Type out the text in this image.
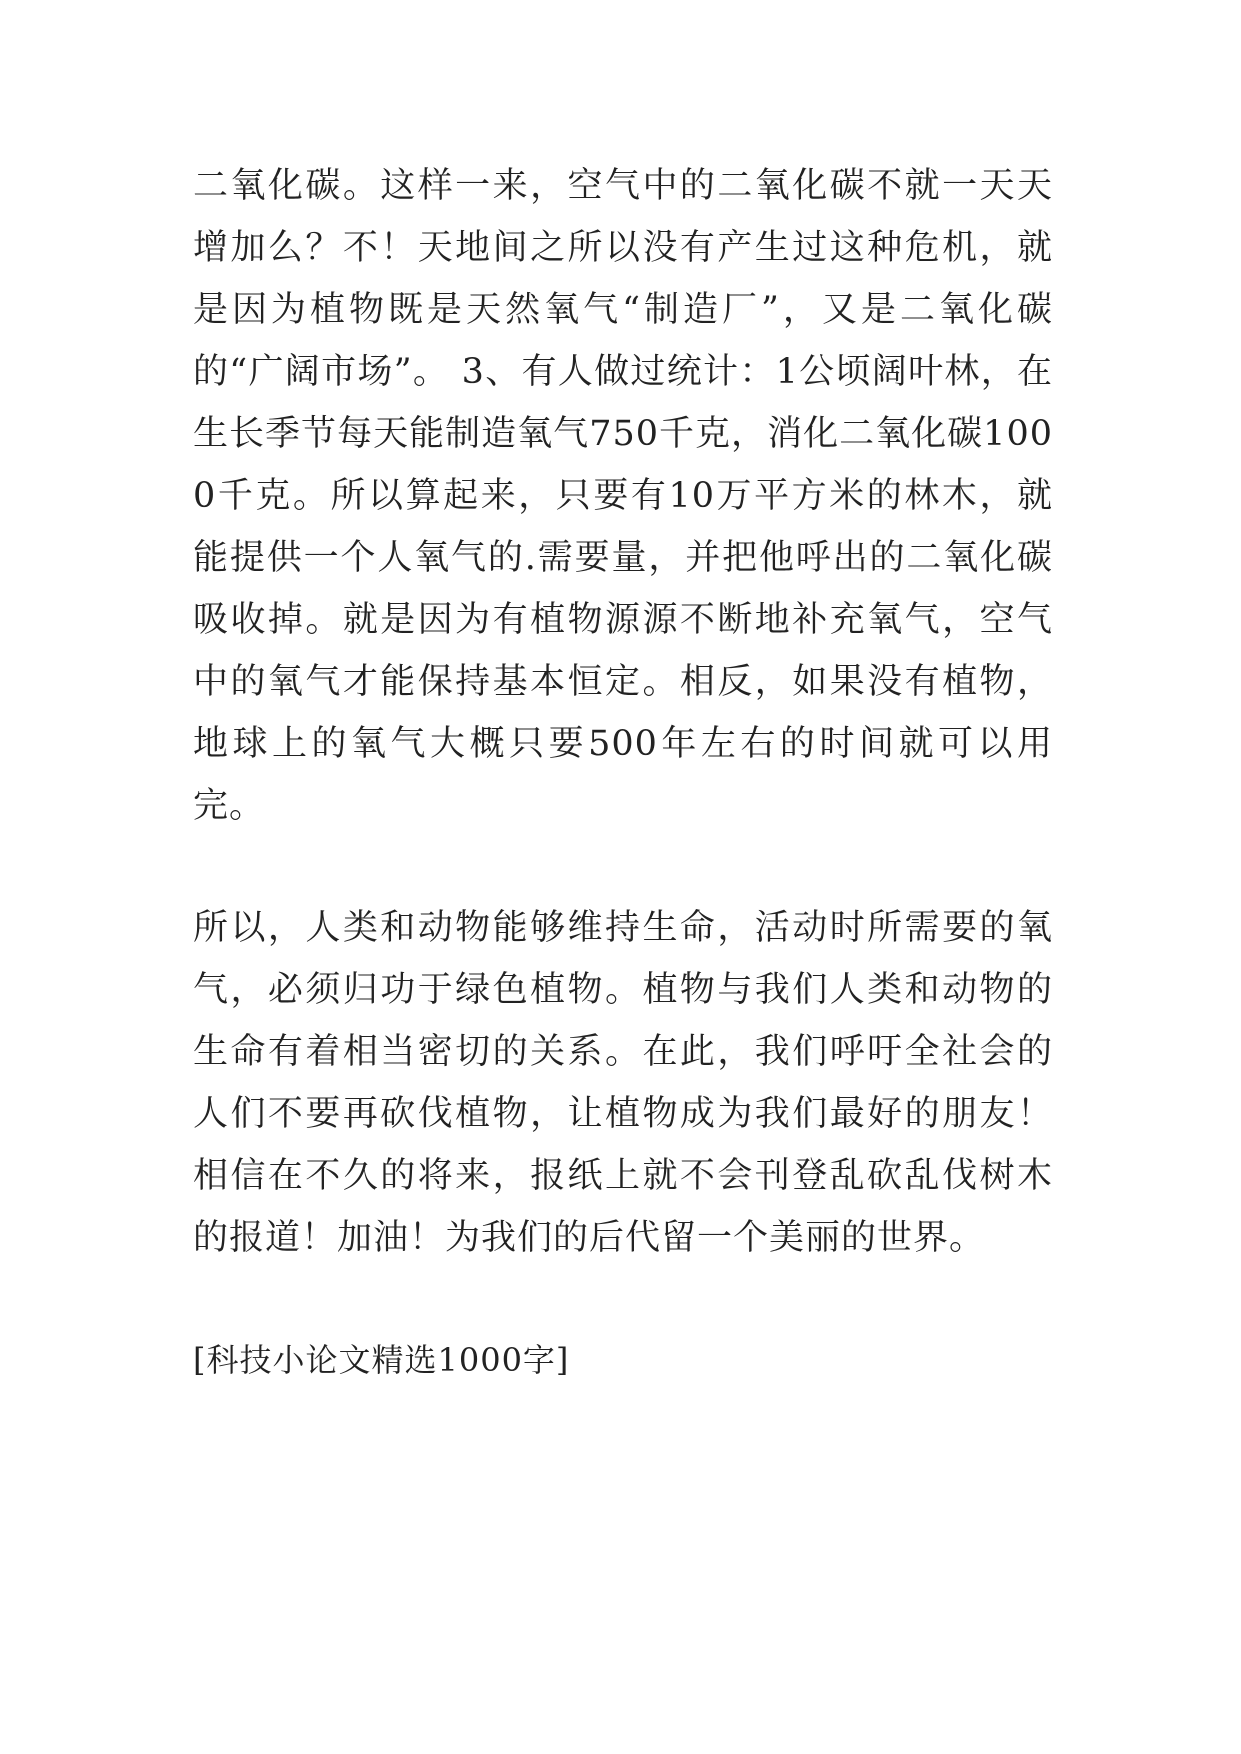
二氧化碳。这样一来，空气中的二氧化碳不就一天天增加么？不！天地间之所以没有产生过这种危机，就是因为植物既是天然氧气“制造厂”，又是二氧化碳的“广阔市场”。 3、有人做过统计：1公顷阔叶林，在生长季节每天能制造氧气750千克，消化二氧化碳1000千克。所以算起来，只要有10万平方米的林木，就能提供一个人氧气的.需要量，并把他呼出的二氧化碳吸收掉。就是因为有植物源源不断地补充氧气，空气中的氧气才能保持基本恒定。相反，如果没有植物，地球上的氧气大概只要500年左右的时间就可以用完。

所以，人类和动物能够维持生命，活动时所需要的氧气，必须归功于绿色植物。植物与我们人类和动物的生命有着相当密切的关系。在此，我们呼吁全社会的人们不要再砍伐植物，让植物成为我们最好的朋友！相信在不久的将来，报纸上就不会刊登乱砍乱伐树木的报道！加油！为我们的后代留一个美丽的世界。

[科技小论文精选1000字]
